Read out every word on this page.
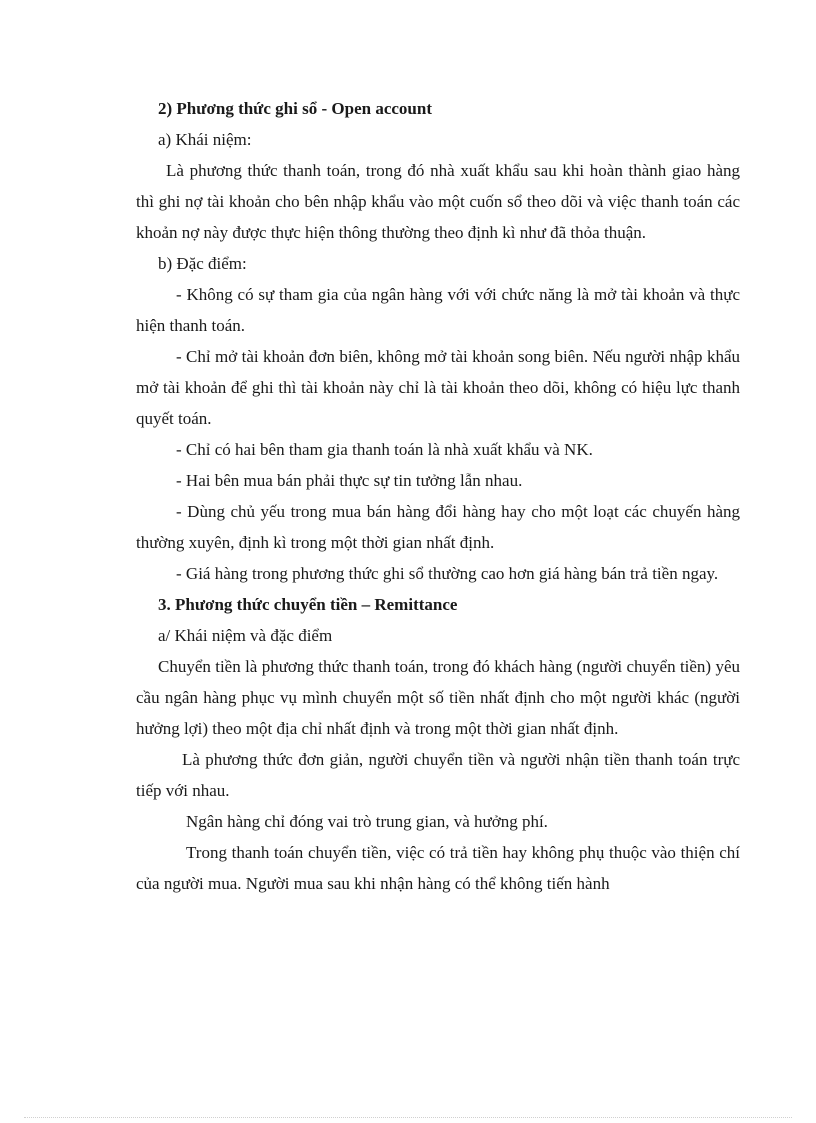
2) Phương thức ghi sổ - Open account

a) Khái niệm:

Là phương thức thanh toán, trong đó nhà xuất khẩu sau khi hoàn thành giao hàng thì ghi nợ tài khoản cho bên nhập khẩu vào một cuốn sổ theo dõi và việc thanh toán các khoản nợ này được thực hiện thông thường theo định kì như đã thỏa thuận.

b) Đặc điểm:

- Không có sự tham gia của ngân hàng với với chức năng là mở tài khoản và thực hiện thanh toán.

- Chỉ mở tài khoản đơn biên, không mở tài khoản song biên. Nếu người nhập khẩu mở tài khoản để ghi thì tài khoản này chỉ là tài khoản theo dõi, không có hiệu lực thanh quyết toán.

- Chỉ có hai bên tham gia thanh toán là nhà xuất khẩu và NK.

- Hai bên mua bán phải thực sự tin tưởng lẫn nhau.

- Dùng chủ yếu trong mua bán hàng đổi hàng hay cho một loạt các chuyến hàng thường xuyên, định kì trong một thời gian nhất định.

- Giá hàng trong phương thức ghi sổ thường cao hơn giá hàng bán trả tiền ngay.

3. Phương thức chuyển tiền – Remittance

a/ Khái niệm và đặc điểm

Chuyển tiền là phương thức thanh toán, trong đó khách hàng (người chuyển tiền) yêu cầu ngân hàng phục vụ mình chuyển một số tiền nhất định cho một người khác (người hưởng lợi) theo một địa chỉ nhất định và trong một thời gian nhất định.

Là phương thức đơn giản, người chuyển tiền và người nhận tiền thanh toán trực tiếp với nhau.

Ngân hàng chỉ đóng vai trò trung gian, và hưởng phí.

Trong thanh toán chuyển tiền, việc có trả tiền hay không phụ thuộc vào thiện chí của người mua. Người mua sau khi nhận hàng có thể không tiến hành
